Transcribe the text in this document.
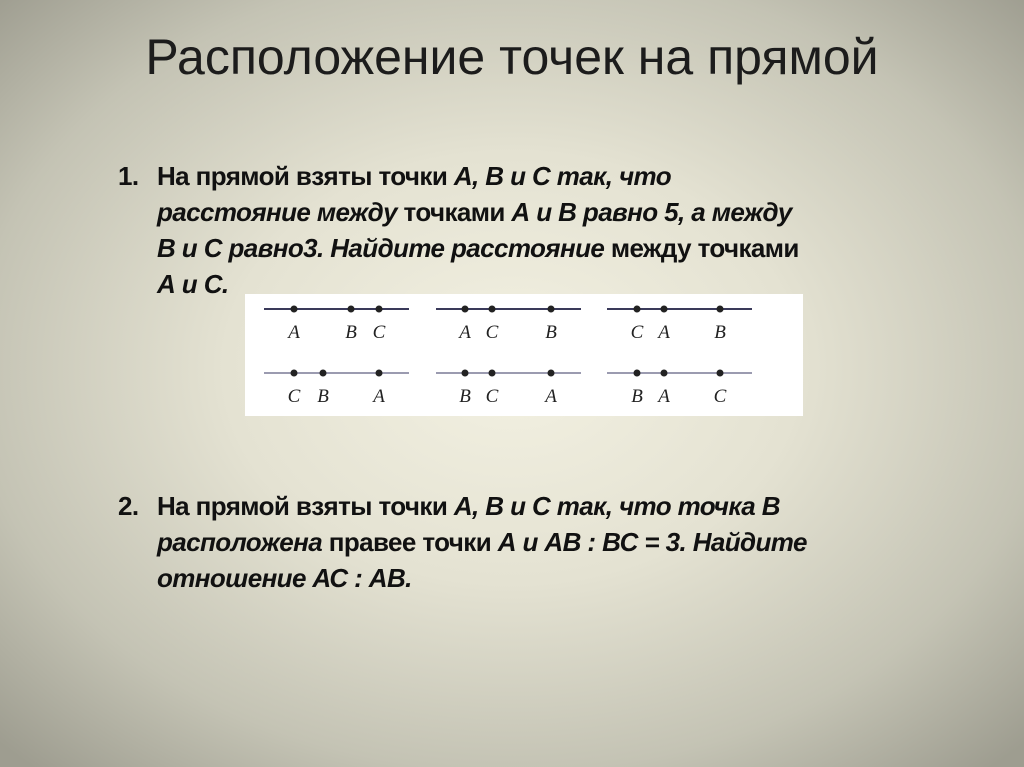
Расположение точек на прямой
1. На прямой взяты точки А, В и С так, что
расстояние между точками А и В равно 5, а между
В и С равно3. Найдите расстояние между точками
А и С.
A B C	A C B	C A B
C B A	B C A	B A C
2. На прямой взяты точки А, В и С так, что точка В
расположена правее точки А и АВ : ВС = 3. Найдите
отношение АС : АВ.
